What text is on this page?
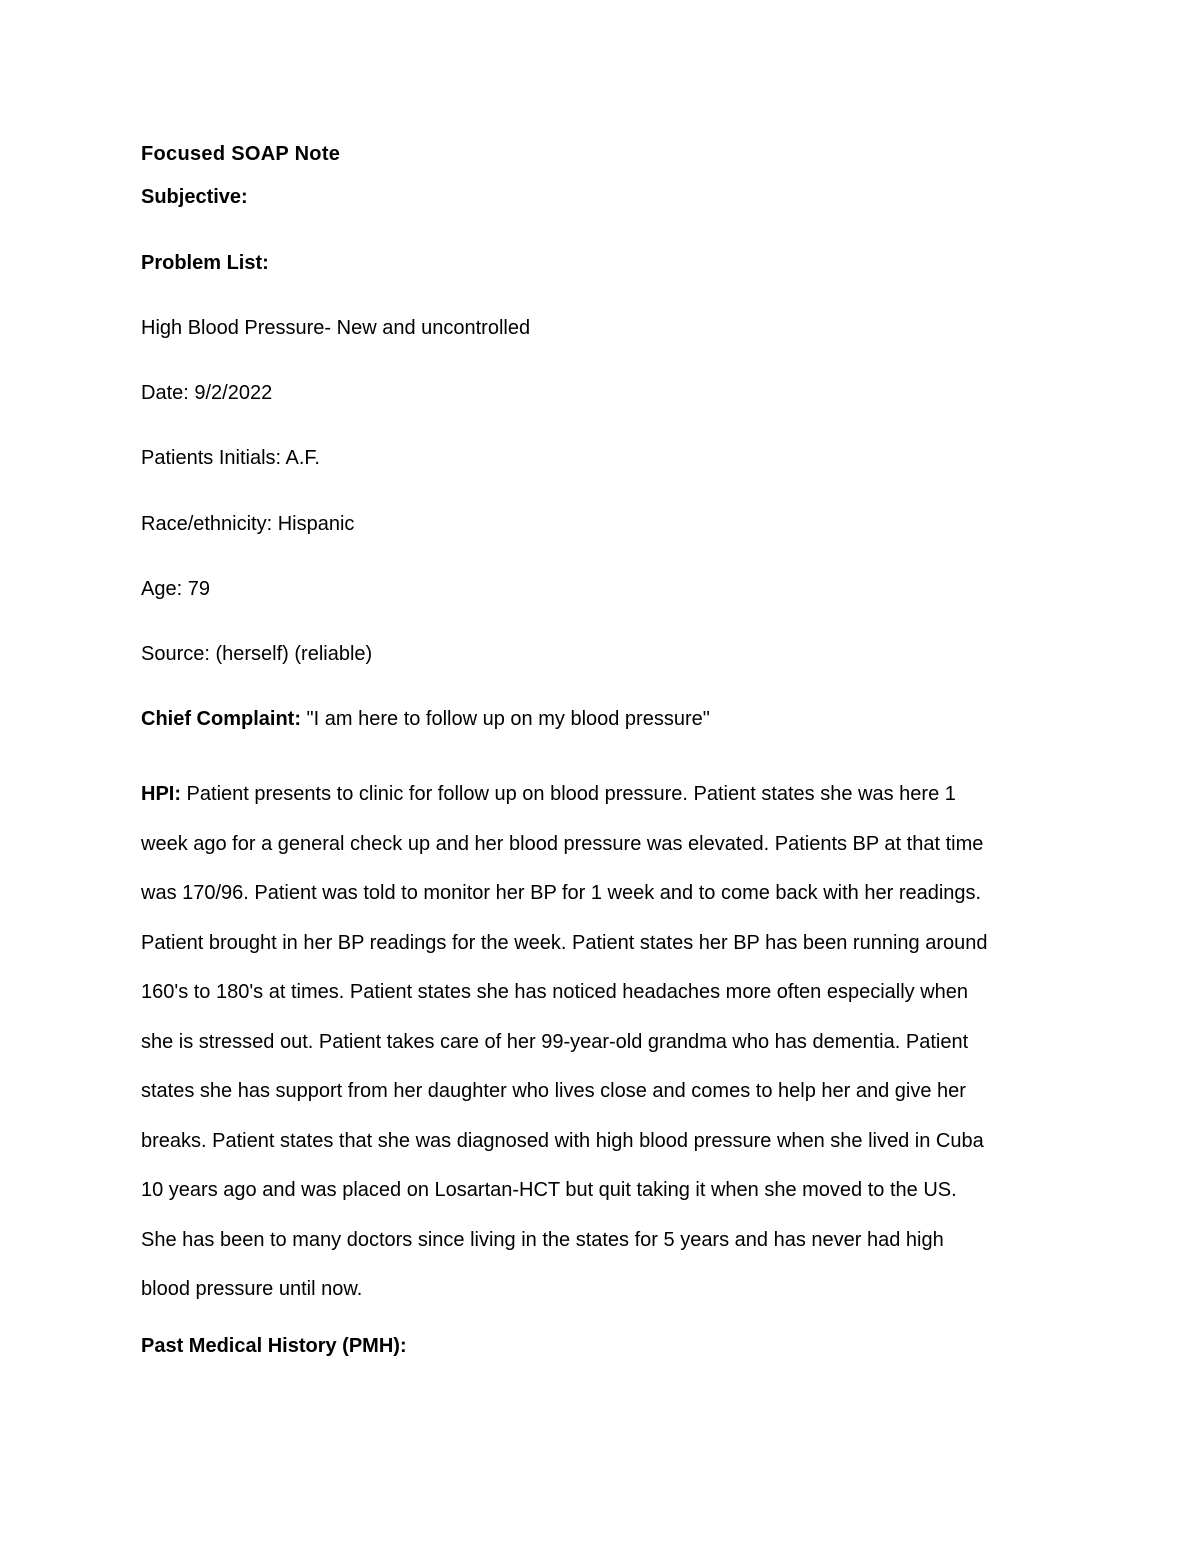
Focused SOAP Note

Subjective:

Problem List:

High Blood Pressure- New and uncontrolled

Date: 9/2/2022

Patients Initials: A.F.

Race/ethnicity: Hispanic

Age: 79

Source: (herself) (reliable)

Chief Complaint: "I am here to follow up on my blood pressure"

HPI: Patient presents to clinic for follow up on blood pressure. Patient states she was here 1
week ago for a general check up and her blood pressure was elevated. Patients BP at that time
was 170/96. Patient was told to monitor her BP for 1 week and to come back with her readings.
Patient brought in her BP readings for the week. Patient states her BP has been running around
160's to 180's at times. Patient states she has noticed headaches more often especially when
she is stressed out. Patient takes care of her 99-year-old grandma who has dementia. Patient
states she has support from her daughter who lives close and comes to help her and give her
breaks. Patient states that she was diagnosed with high blood pressure when she lived in Cuba
10 years ago and was placed on Losartan-HCT but quit taking it when she moved to the US.
She has been to many doctors since living in the states for 5 years and has never had high
blood pressure until now.

Past Medical History (PMH):
